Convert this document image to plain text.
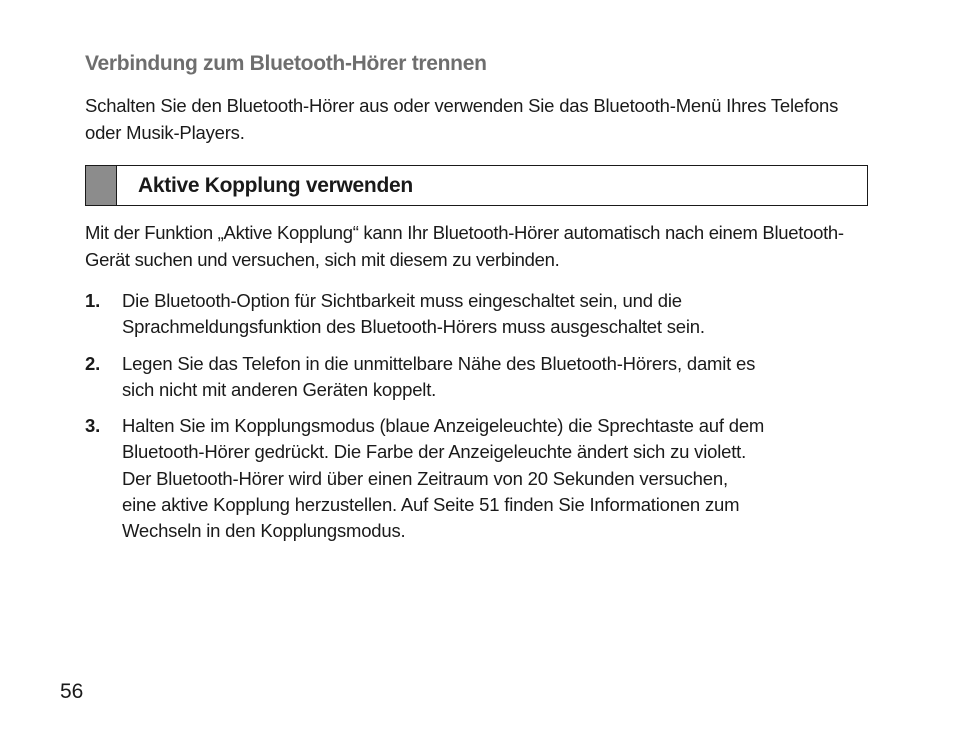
Verbindung zum Bluetooth-Hörer trennen

Schalten Sie den Bluetooth-Hörer aus oder verwenden Sie das Bluetooth-Menü Ihres Telefons oder Musik-Players.

Aktive Kopplung verwenden

Mit der Funktion „Aktive Kopplung“ kann Ihr Bluetooth-Hörer automatisch nach einem Bluetooth-Gerät suchen und versuchen, sich mit diesem zu verbinden.

1.	Die Bluetooth-Option für Sichtbarkeit muss eingeschaltet sein, und die
Sprachmeldungsfunktion des Bluetooth-Hörers muss ausgeschaltet sein.
2.	Legen Sie das Telefon in die unmittelbare Nähe des Bluetooth-Hörers, damit es
sich nicht mit anderen Geräten koppelt.
3.	Halten Sie im Kopplungsmodus (blaue Anzeigeleuchte) die Sprechtaste auf dem
Bluetooth-Hörer gedrückt. Die Farbe der Anzeigeleuchte ändert sich zu violett.
Der Bluetooth-Hörer wird über einen Zeitraum von 20 Sekunden versuchen,
eine aktive Kopplung herzustellen. Auf Seite 51 finden Sie Informationen zum
Wechseln in den Kopplungsmodus.

56
